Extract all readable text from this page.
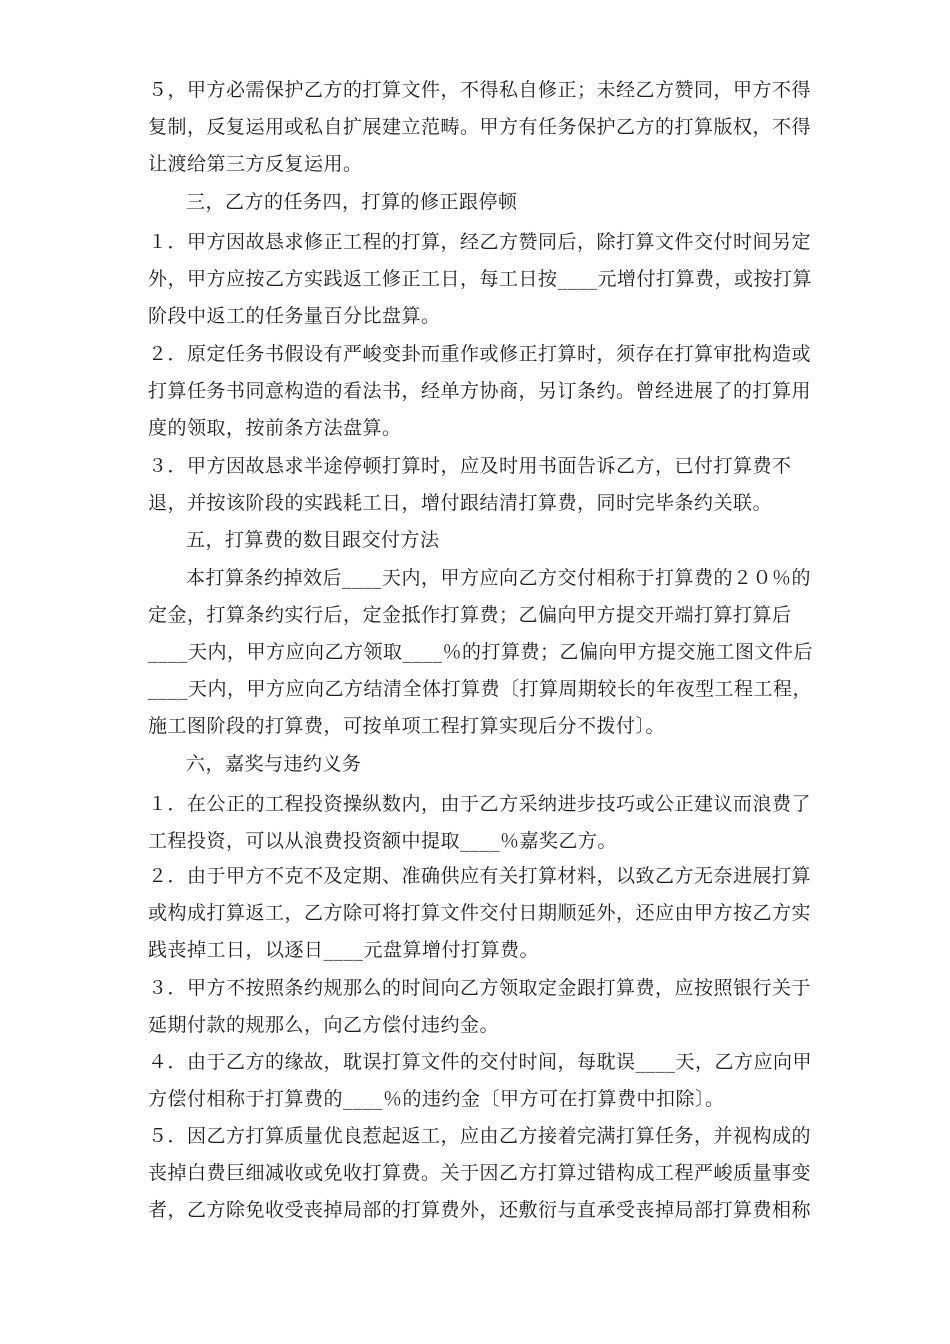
５，甲方必需保护乙方的打算文件，不得私自修正；未经乙方赞同，甲方不得
复制，反复运用或私自扩展建立范畴。甲方有任务保护乙方的打算版权，不得
让渡给第三方反复运用。

三，乙方的任务四，打算的修正跟停顿

１．甲方因故恳求修正工程的打算，经乙方赞同后，除打算文件交付时间另定
外，甲方应按乙方实践返工修正工日，每工日按____元增付打算费，或按打算
阶段中返工的任务量百分比盘算。

２．原定任务书假设有严峻变卦而重作或修正打算时，须存在打算审批构造或
打算任务书同意构造的看法书，经单方协商，另订条约。曾经进展了的打算用
度的领取，按前条方法盘算。

３．甲方因故恳求半途停顿打算时，应及时用书面告诉乙方，已付打算费不
退，并按该阶段的实践耗工日，增付跟结清打算费，同时完毕条约关联。

五，打算费的数目跟交付方法

本打算条约掉效后____天内，甲方应向乙方交付相称于打算费的２０％的
定金，打算条约实行后，定金抵作打算费；乙偏向甲方提交开端打算打算后
____天内，甲方应向乙方领取____％的打算费；乙偏向甲方提交施工图文件后
____天内，甲方应向乙方结清全体打算费〔打算周期较长的年夜型工程工程，
施工图阶段的打算费，可按单项工程打算实现后分不拨付〕。

六，嘉奖与违约义务

１．在公正的工程投资操纵数内，由于乙方采纳进步技巧或公正建议而浪费了
工程投资，可以从浪费投资额中提取____％嘉奖乙方。

２．由于甲方不克不及定期、准确供应有关打算材料，以致乙方无奈进展打算
或构成打算返工，乙方除可将打算文件交付日期顺延外，还应由甲方按乙方实
践丧掉工日，以逐日____元盘算增付打算费。

３．甲方不按照条约规那么的时间向乙方领取定金跟打算费，应按照银行关于
延期付款的规那么，向乙方偿付违约金。

４．由于乙方的缘故，耽误打算文件的交付时间，每耽误____天，乙方应向甲
方偿付相称于打算费的____％的违约金〔甲方可在打算费中扣除〕。

５．因乙方打算质量优良惹起返工，应由乙方接着完满打算任务，并视构成的
丧掉白费巨细减收或免收打算费。关于因乙方打算过错构成工程严峻质量事变
者，乙方除免收受丧掉局部的打算费外，还敷衍与直承受丧掉局部打算费相称
